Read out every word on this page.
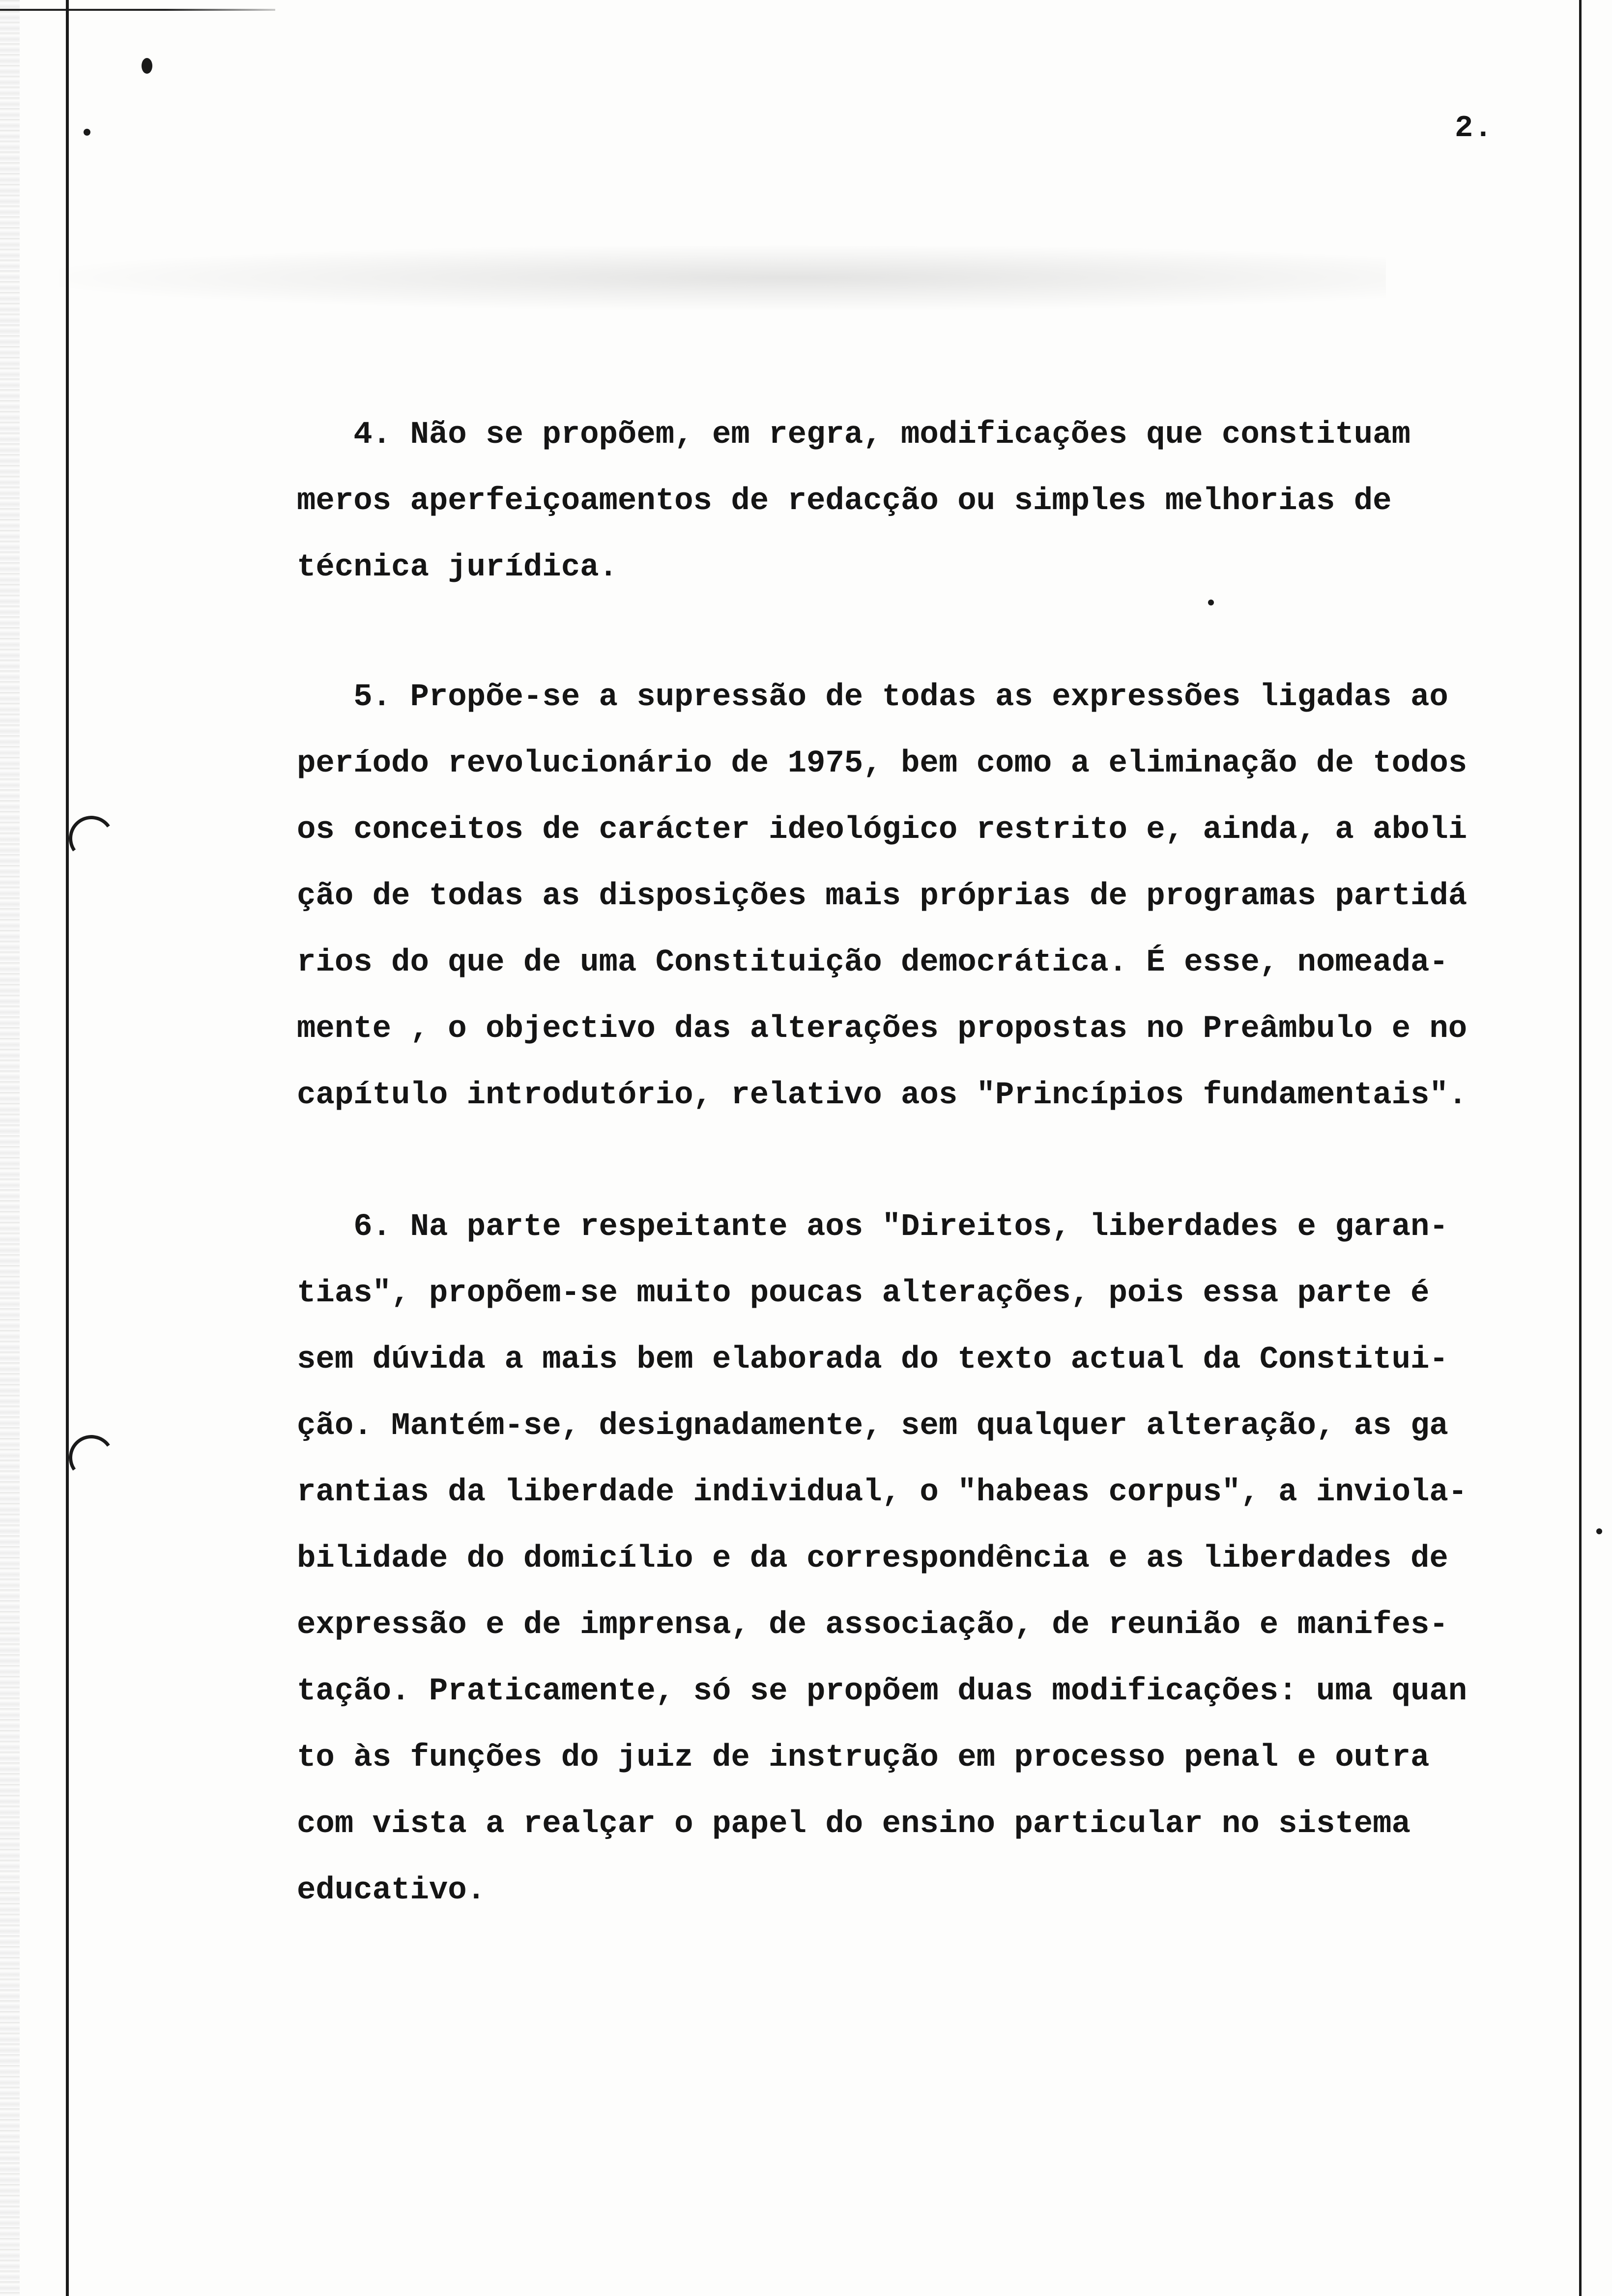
2.

4. Não se propõem, em regra, modificações que constituam
meros aperfeiçoamentos de redacção ou simples melhorias de
técnica jurídica.

5. Propõe-se a supressão de todas as expressões ligadas ao
período revolucionário de 1975, bem como a eliminação de todos
os conceitos de carácter ideológico restrito e, ainda, a aboli
ção de todas as disposições mais próprias de programas partidá
rios do que de uma Constituição democrática. É esse, nomeada-
mente , o objectivo das alterações propostas no Preâmbulo e no
capítulo introdutório, relativo aos "Princípios fundamentais".

6. Na parte respeitante aos "Direitos, liberdades e garan-
tias", propõem-se muito poucas alterações, pois essa parte é
sem dúvida a mais bem elaborada do texto actual da Constitui-
ção. Mantém-se, designadamente, sem qualquer alteração, as ga
rantias da liberdade individual, o "habeas corpus", a inviola-
bilidade do domicílio e da correspondência e as liberdades de
expressão e de imprensa, de associação, de reunião e manifes-
tação. Praticamente, só se propõem duas modificações: uma quan
to às funções do juiz de instrução em processo penal e outra
com vista a realçar o papel do ensino particular no sistema
educativo.
